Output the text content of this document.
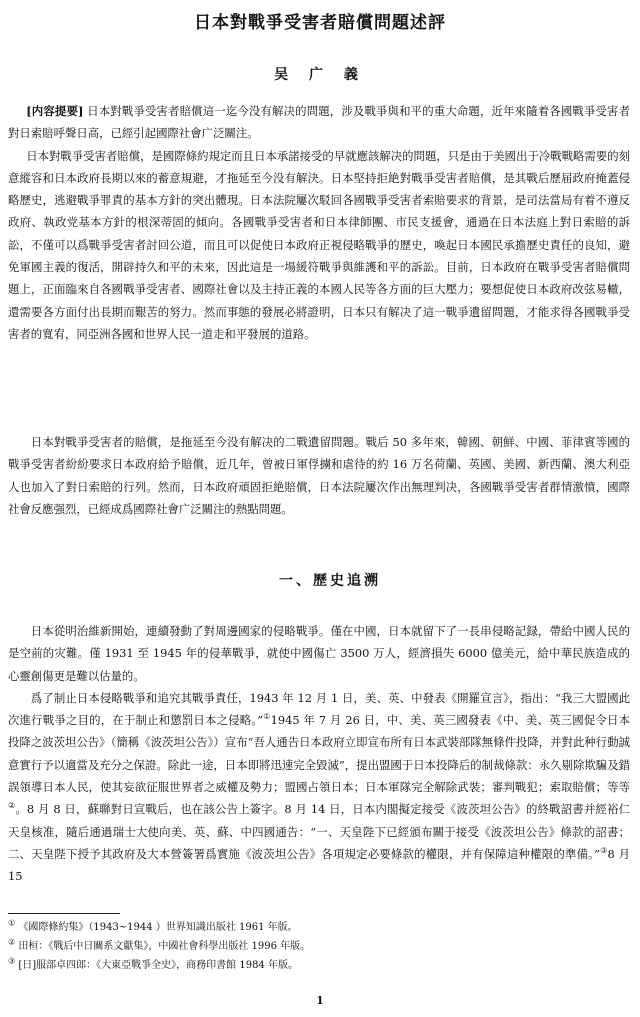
日本對戰爭受害者賠償問題述評
吴 广 義

[内容提要] 日本對戰爭受害者賠償這一迄今没有解决的問題，涉及戰爭與和平的重大命題，近年來隨着各國戰爭受害者對日索賠呼聲日高，已經引起國際社會广泛關注。

日本對戰爭受害者賠償，是國際條約規定而且日本承諾接受的早就應該解决的問題，只是由于美國出于冷戰戰略需要的刻意縱容和日本政府長期以來的蓄意規避，才拖延至今没有解決。日本堅持拒絶對戰爭受害者賠償，是其戰后歷届政府掩蓋侵略歷史，逃避戰爭罪責的基本方針的突出體現。日本法院屢次駁回各國戰爭受害者索賠要求的背景，是司法當局有着不遵反政府、執政党基本方針的根深蒂固的傾向。各國戰爭受害者和日本律師團、市民支援會，通過在日本法庭上對日索賠的訴訟，不僅可以爲戰爭受害者討回公道，而且可以促使日本政府正視侵略戰爭的歷史，喚起日本國民承擔歷史責任的良知，避免軍國主義的復活，開辟持久和平的未來，因此這是一場緩符戰爭與維護和平的訴訟。目前，日本政府在戰爭受害者賠償問題上，正面臨來自各國戰爭受害者、國際社會以及主持正義的本國人民等各方面的巨大壓力；要想促使日本政府改弦易轍，還需要各方面付出長期而艱苦的努力。然而事態的發展必將證明，日本只有解决了這一戰爭遺留問題，才能求得各國戰爭受害者的寬宥，同亞洲各國和世界人民一道走和平發展的道路。

日本對戰爭受害者的賠償，是拖延至今没有解决的二戰遺留問題。戰后 50 多年來，韓國、朝鮮、中國、菲律賓等國的戰爭受害者紛紛要求日本政府給予賠償，近几年，曾被日軍俘擄和虐待的約 16 万名荷蘭、英國、美國、新西蘭、澳大利亞人也加入了對日索賠的行列。然而，日本政府頑固拒絶賠償，日本法院屢次作出無理判决，各國戰爭受害者群情激憤，國際社會反應强烈，已經成爲國際社會广泛關注的熱點問題。

一、歷史追溯

日本從明治維新開始，連續發動了對周邊國家的侵略戰爭。僅在中國，日本就留下了一長串侵略記録，帶給中國人民的是空前的灾難。僅 1931 至 1945 年的侵華戰爭，就使中國傷亡 3500 万人，經濟損失 6000 億美元，給中華民族造成的心靈創傷更是難以估量的。

爲了制止日本侵略戰爭和追究其戰爭責任，1943 年 12 月 1 日，美、英、中發表《開羅宣言》，指出：“我三大盟國此次進行戰爭之目的，在于制止和懲罰日本之侵略。”①1945 年 7 月 26 日，中、美、英三國發表《中、美、英三國促令日本投降之波茨坦公告》（簡稱《波茨坦公告》）宣布“吾人通告日本政府立即宣布所有日本武裝部隊無條件投降，并對此种行動誠意實行予以適當及充分之保證。除此一途，日本即將迅速完全毀滅”，提出盟國于日本投降后的制裁條款：永久剔除欺騙及錯誤領導日本人民，使其妄欲征服世界者之威權及勢力；盟國占領日本；日本軍隊完全解除武裝；審判戰犯；索取賠償；等等②。8 月 8 日，蘇聯對日宣戰后，也在該公告上簽字。8 月 14 日，日本内閣擬定接受《波茨坦公告》的終戰詔書并經裕仁天皇核准，隨后通過瑞士大使向美、英、蘇、中四國通告：“一、天皇陛下已經頒布關于接受《波茨坦公告》條款的詔書；二、天皇陛下授予其政府及大本營簽署爲實施《波茨坦公告》各項規定必要條款的權限，并有保障這种權限的準備。”③8 月 15

① 《國際條約集》（1943~1944 ）世界知識出版社 1961 年版。
② 田桓：《戰后中日關系文獻集》，中國社會科學出版社 1996 年版。
③ [日]服部卓四郎：《大東亞戰爭全史》，商務印書館 1984 年版。
1
